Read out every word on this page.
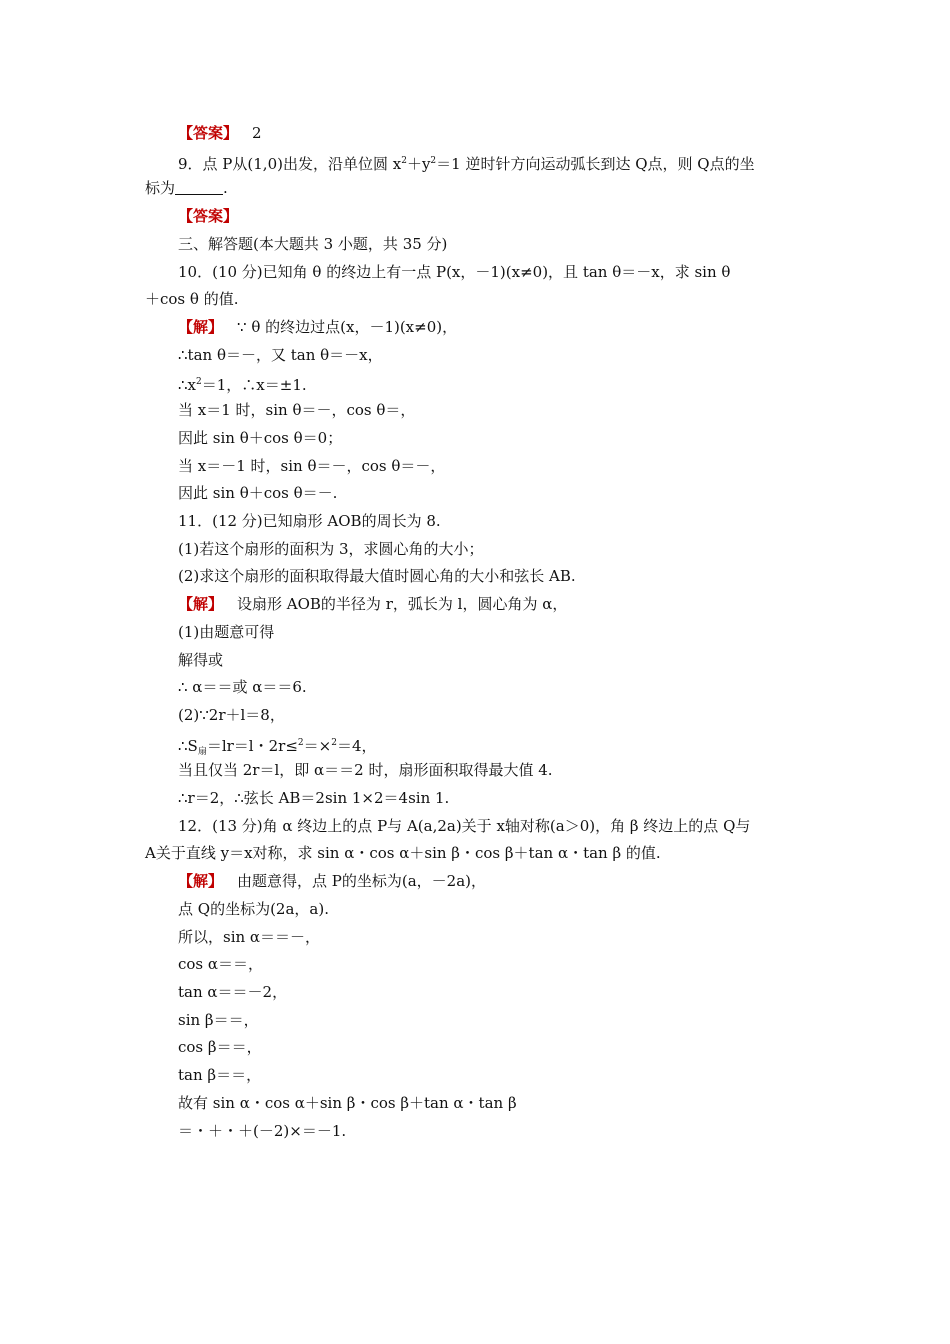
【答案】 2
9．点 P从(1,0)出发，沿单位圆 $x^2+y^2=1$ 逆时针方向运动弧长到达 Q点，则 Q点的坐
标为	.
【答案】
三、解答题(本大题共 3 小题，共 35 分)
10．(10 分)已知角 θ 的终边上有一点 P(x，－1)(x≠0)，且 tan θ＝－x，求 sin θ
＋cos θ 的值.
【解】 ∵ θ 的终边过点(x，－1)(x≠0)，
∴tan θ＝－，又 tan θ＝－x，
$\therefore x^2=1$，∴x＝±1.
当 x＝1 时，sin θ＝－，cos θ＝，
因此 sin θ＋cos θ＝0；
当 x＝－1 时，sin θ＝－，cos θ＝－，
因此 sin θ＋cos θ＝－.
11．(12 分)已知扇形 AOB的周长为 8.
(1)若这个扇形的面积为 3，求圆心角的大小；
(2)求这个扇形的面积取得最大值时圆心角的大小和弦长 AB.
【解】 设扇形 AOB的半径为 r，弧长为 l，圆心角为 α，
(1)由题意可得
解得或
∴ α＝＝或 α＝＝6.
(2)∵2r＋l＝8，
$\therefore S_扇=lr=l$・2r≤$^2$＝×$^2$＝4，
当且仅当 2r＝l，即 α＝＝2 时，扇形面积取得最大值 4.
∴r＝2，∴弦长 AB＝2sin 1×2＝4sin 1.
12．(13 分)角 α 终边上的点 P与 A(a,2a)关于 x轴对称(a＞0)，角 β 终边上的点 Q与
A关于直线 y＝x对称，求 sin α・cos α＋sin β・cos β＋tan α・tan β 的值.
【解】 由题意得，点 P的坐标为(a，－2a)，
点 Q的坐标为(2a，a).
所以，sin α＝＝－，
cos α＝＝，
tan α＝＝－2，
sin β＝＝，
cos β＝＝，
tan β＝＝，
故有 sin α・cos α＋sin β・cos β＋tan α・tan β
＝・＋・＋(－2)×＝－1.
